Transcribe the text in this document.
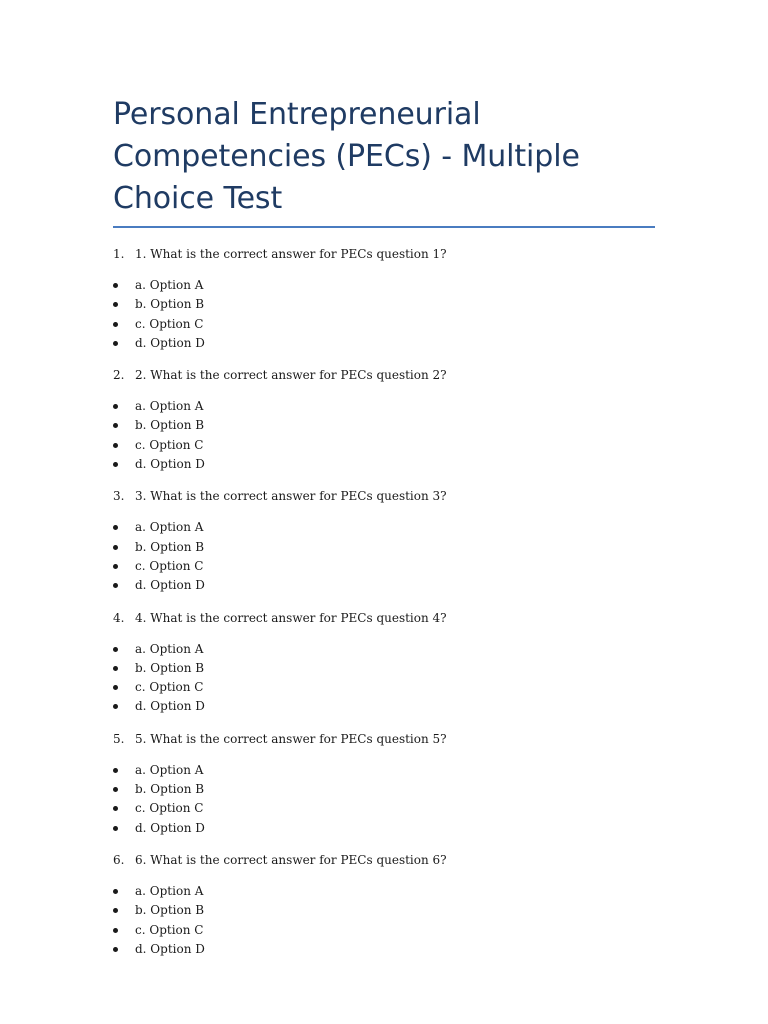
Personal Entrepreneurial Competencies (PECs) - Multiple Choice Test
1. 1. What is the correct answer for PECs question 1?
a. Option A
b. Option B
c. Option C
d. Option D
2. 2. What is the correct answer for PECs question 2?
a. Option A
b. Option B
c. Option C
d. Option D
3. 3. What is the correct answer for PECs question 3?
a. Option A
b. Option B
c. Option C
d. Option D
4. 4. What is the correct answer for PECs question 4?
a. Option A
b. Option B
c. Option C
d. Option D
5. 5. What is the correct answer for PECs question 5?
a. Option A
b. Option B
c. Option C
d. Option D
6. 6. What is the correct answer for PECs question 6?
a. Option A
b. Option B
c. Option C
d. Option D
